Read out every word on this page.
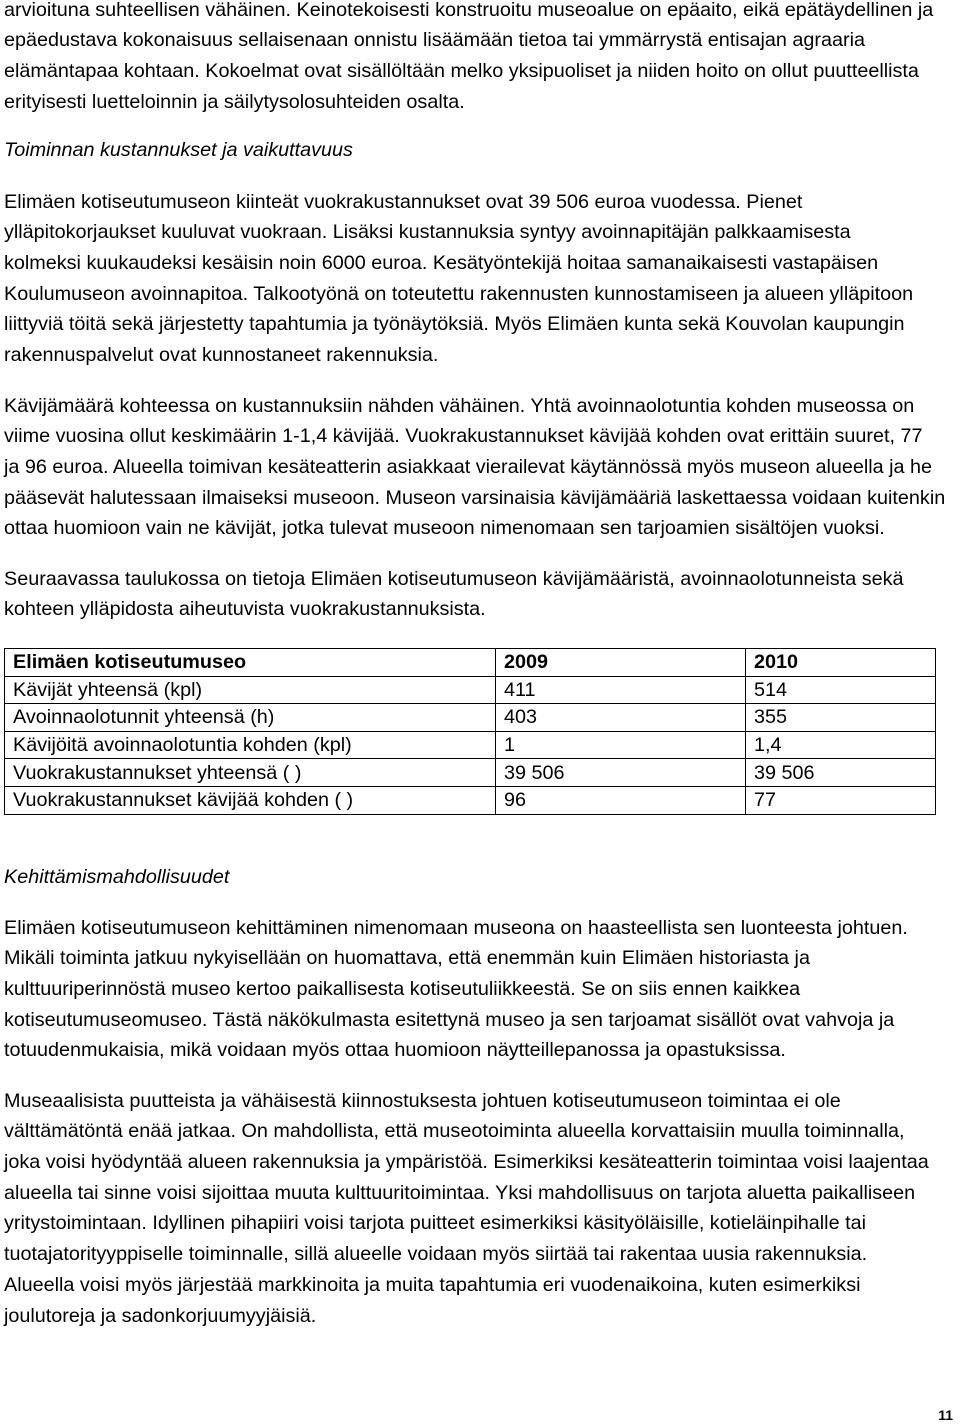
arvioituna suhteellisen vähäinen. Keinotekoisesti konstruoitu museoalue on epäaito, eikä epätäydellinen ja
epäedustava kokonaisuus sellaisenaan onnistu lisäämään tietoa tai ymmärrystä entisajan agraaria
elämäntapaa kohtaan. Kokoelmat ovat sisällöltään melko yksipuoliset ja niiden hoito on ollut puutteellista
erityisesti luetteloinnin ja säilytysolosuhteiden osalta.
Toiminnan kustannukset ja vaikuttavuus
Elimäen kotiseutumuseon kiinteät vuokrakustannukset ovat 39 506 euroa vuodessa. Pienet
ylläpitokorjaukset kuuluvat vuokraan. Lisäksi kustannuksia syntyy avoinnapitäjän palkkaamisesta
kolmeksi kuukaudeksi kesäisin noin 6000 euroa. Kesätyöntekijä hoitaa samanaikaisesti vastapäisen
Koulumuseon avoinnapitoa. Talkootyönä on toteutettu rakennusten kunnostamiseen ja alueen ylläpitoon
liittyviä töitä sekä järjestetty tapahtumia ja työnäytöksiä. Myös Elimäen kunta sekä Kouvolan kaupungin
rakennuspalvelut ovat kunnostaneet rakennuksia.
Kävijämäärä kohteessa on kustannuksiin nähden vähäinen. Yhtä avoinnaolotuntia kohden museossa on
viime vuosina ollut keskimäärin 1-1,4 kävijää. Vuokrakustannukset kävijää kohden ovat erittäin suuret, 77
ja 96 euroa. Alueella toimivan kesäteatterin asiakkaat vierailevat käytännössä myös museon alueella ja he
pääsevät halutessaan ilmaiseksi museoon. Museon varsinaisia kävijämääriä laskettaessa voidaan kuitenkin
ottaa huomioon vain ne kävijät, jotka tulevat museoon nimenomaan sen tarjoamien sisältöjen vuoksi.
Seuraavassa taulukossa on tietoja Elimäen kotiseutumuseon kävijämääristä, avoinnaolotunneista sekä
kohteen ylläpidosta aiheutuvista vuokrakustannuksista.
Elimäen kotiseutumuseo	2009	2010
Kävijät yhteensä (kpl)	411	514
Avoinnaolotunnit yhteensä (h)	403	355
Kävijöitä avoinnaolotuntia kohden (kpl)	1	1,4
Vuokrakustannukset yhteensä ( )	39 506	39 506
Vuokrakustannukset kävijää kohden ( )	96	77
Kehittämismahdollisuudet
Elimäen kotiseutumuseon kehittäminen nimenomaan museona on haasteellista sen luonteesta johtuen.
Mikäli toiminta jatkuu nykyisellään on huomattava, että enemmän kuin Elimäen historiasta ja
kulttuuriperinnöstä museo kertoo paikallisesta kotiseutuliikkeestä. Se on siis ennen kaikkea
kotiseutumuseomuseo. Tästä näkökulmasta esitettynä museo ja sen tarjoamat sisällöt ovat vahvoja ja
totuudenmukaisia, mikä voidaan myös ottaa huomioon näytteillepanossa ja opastuksissa.
Museaalisista puutteista ja vähäisestä kiinnostuksesta johtuen kotiseutumuseon toimintaa ei ole
välttämätöntä enää jatkaa. On mahdollista, että museotoiminta alueella korvattaisiin muulla toiminnalla,
joka voisi hyödyntää alueen rakennuksia ja ympäristöä. Esimerkiksi kesäteatterin toimintaa voisi laajentaa
alueella tai sinne voisi sijoittaa muuta kulttuuritoimintaa. Yksi mahdollisuus on tarjota aluetta paikalliseen
yritystoimintaan. Idyllinen pihapiiri voisi tarjota puitteet esimerkiksi käsityöläisille, kotieläinpihalle tai
tuotajatorityyppiselle toiminnalle, sillä alueelle voidaan myös siirtää tai rakentaa uusia rakennuksia.
Alueella voisi myös järjestää markkinoita ja muita tapahtumia eri vuodenaikoina, kuten esimerkiksi
joulutoreja ja sadonkorjuumyyjäisiä.
11
